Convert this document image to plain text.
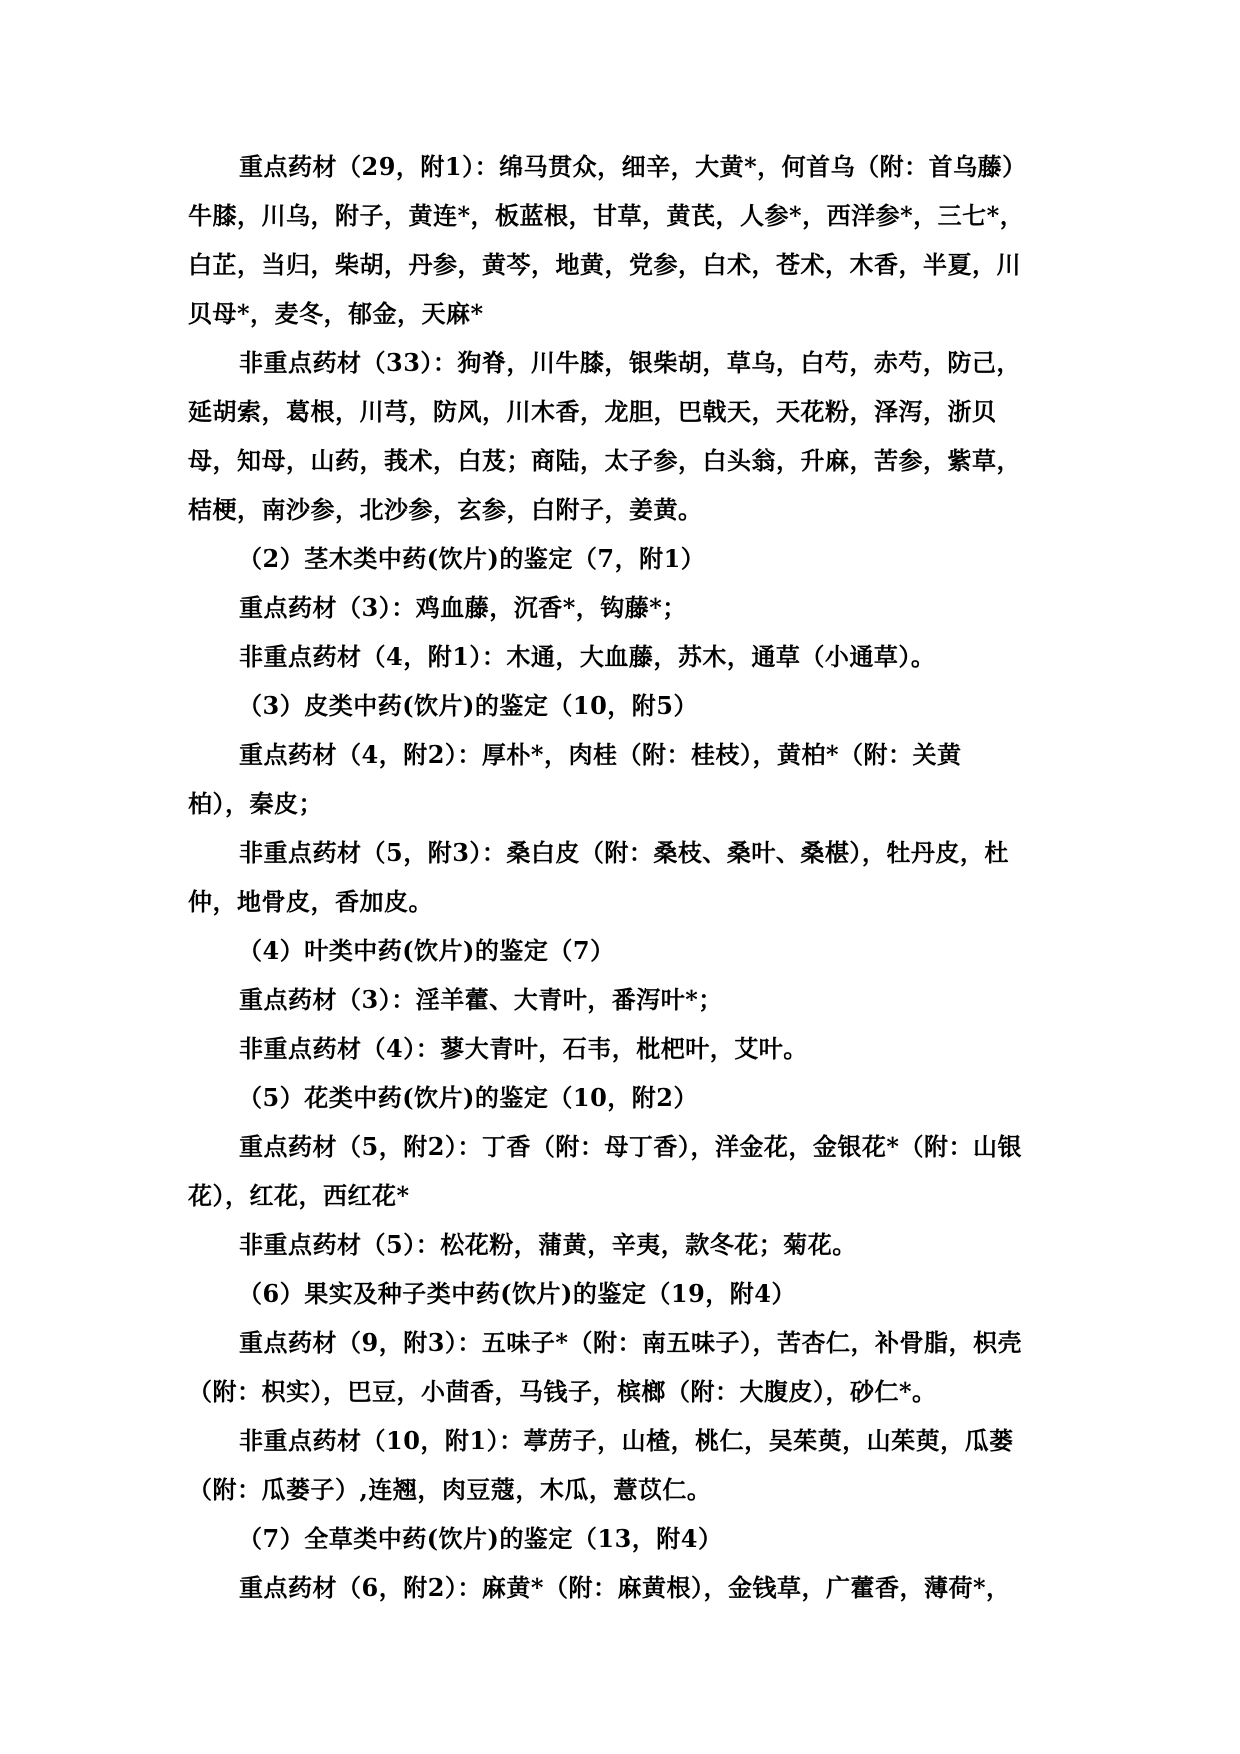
重点药材（29，附1）：绵马贯众，细辛，大黄*，何首乌（附：首乌藤）
牛膝，川乌，附子，黄连*，板蓝根，甘草，黄芪，人参*，西洋参*，三七*，
白芷，当归，柴胡，丹参，黄芩，地黄，党参，白术，苍术，木香，半夏，川
贝母*，麦冬，郁金，天麻*
非重点药材（33）：狗脊，川牛膝，银柴胡，草乌，白芍，赤芍，防己，
延胡索，葛根，川芎，防风，川木香，龙胆，巴戟天，天花粉，泽泻，浙贝
母，知母，山药，莪术，白芨；商陆，太子参，白头翁，升麻，苦参，紫草，
桔梗，南沙参，北沙参，玄参，白附子，姜黄。
（2）茎木类中药(饮片)的鉴定（7，附1）
重点药材（3）：鸡血藤，沉香*，钩藤*；
非重点药材（4，附1）：木通，大血藤，苏木，通草（小通草）。
（3）皮类中药(饮片)的鉴定（10，附5）
重点药材（4，附2）：厚朴*，肉桂（附：桂枝），黄柏*（附：关黄
柏），秦皮；
非重点药材（5，附3）：桑白皮（附：桑枝、桑叶、桑椹），牡丹皮，杜
仲，地骨皮，香加皮。
（4）叶类中药(饮片)的鉴定（7）
重点药材（3）：淫羊藿、大青叶，番泻叶*；
非重点药材（4）：蓼大青叶，石韦，枇杷叶，艾叶。
（5）花类中药(饮片)的鉴定（10，附2）
重点药材（5，附2）：丁香（附：母丁香），洋金花，金银花*（附：山银
花），红花，西红花*
非重点药材（5）：松花粉，蒲黄，辛夷，款冬花；菊花。
（6）果实及种子类中药(饮片)的鉴定（19，附4）
重点药材（9，附3）：五味子*（附：南五味子），苦杏仁，补骨脂，枳壳
（附：枳实），巴豆，小茴香，马钱子，槟榔（附：大腹皮），砂仁*。
非重点药材（10，附1）：葶苈子，山楂，桃仁，吴茱萸，山茱萸，瓜蒌
（附：瓜蒌子）,连翘，肉豆蔻，木瓜，薏苡仁。
（7）全草类中药(饮片)的鉴定（13，附4）
重点药材（6，附2）：麻黄*（附：麻黄根），金钱草，广藿香，薄荷*，
